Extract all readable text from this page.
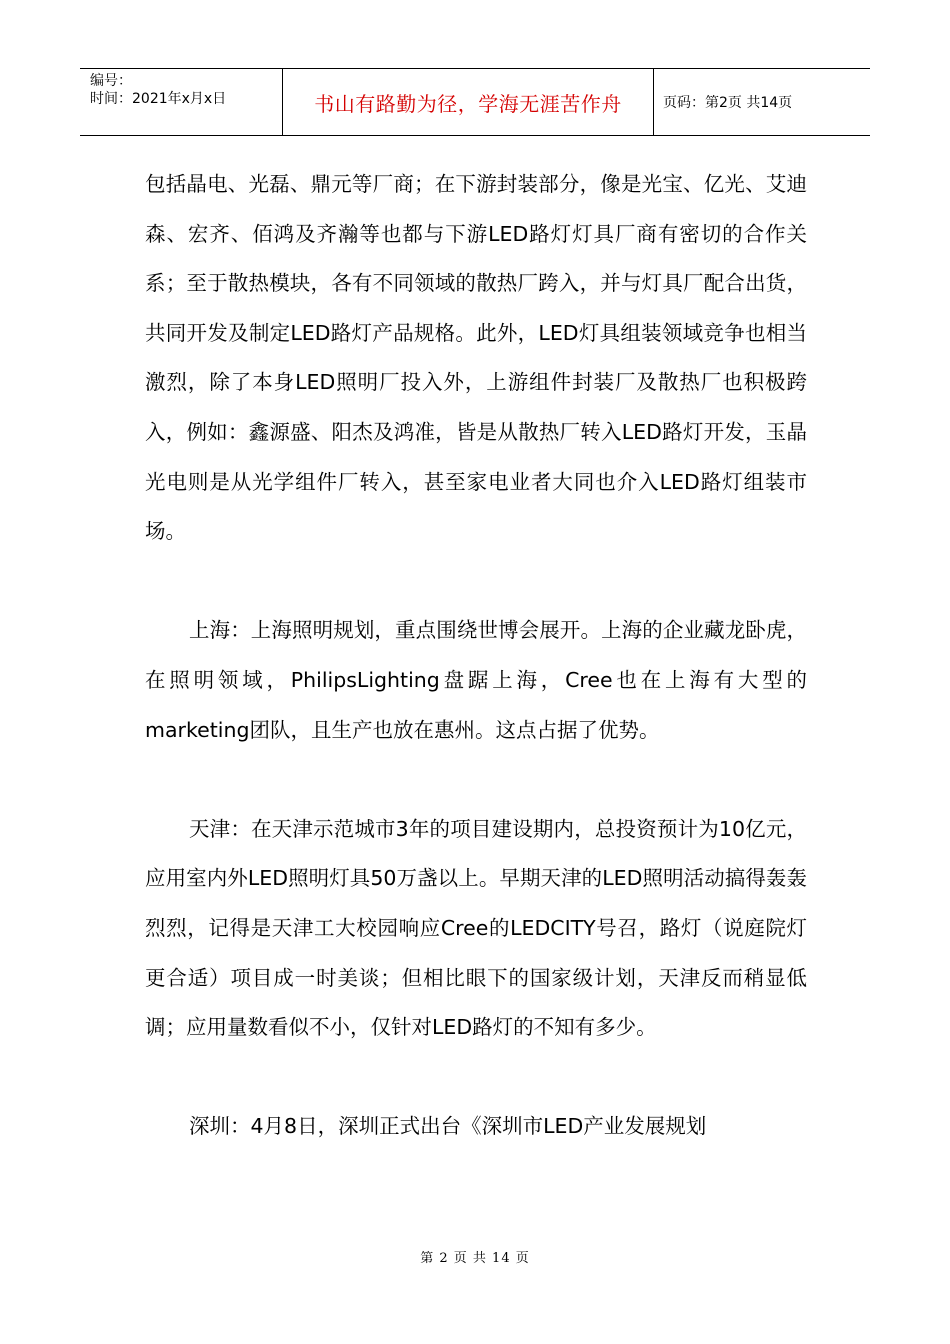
编号：
时间：2021年x月x日	书山有路勤为径，学海无涯苦作舟	页码：第2页 共14页

包括晶电、光磊、鼎元等厂商；在下游封装部分，像是光宝、亿光、艾迪森、宏齐、佰鸿及齐瀚等也都与下游LED路灯灯具厂商有密切的合作关系；至于散热模块，各有不同领域的散热厂跨入，并与灯具厂配合出货，共同开发及制定LED路灯产品规格。此外，LED灯具组装领域竞争也相当激烈，除了本身LED照明厂投入外，上游组件封装厂及散热厂也积极跨入，例如：鑫源盛、阳杰及鸿准，皆是从散热厂转入LED路灯开发，玉晶光电则是从光学组件厂转入，甚至家电业者大同也介入LED路灯组装市场。

上海：上海照明规划，重点围绕世博会展开。上海的企业藏龙卧虎，在照明领域，PhilipsLighting盘踞上海，Cree也在上海有大型的marketing团队，且生产也放在惠州。这点占据了优势。

天津：在天津示范城市3年的项目建设期内，总投资预计为10亿元，应用室内外LED照明灯具50万盏以上。早期天津的LED照明活动搞得轰轰烈烈，记得是天津工大校园响应Cree的LEDCITY号召，路灯（说庭院灯更合适）项目成一时美谈；但相比眼下的国家级计划，天津反而稍显低调；应用量数看似不小，仅针对LED路灯的不知有多少。

深圳：4月8日，深圳正式出台《深圳市LED产业发展规划

第 2 页 共 14 页
